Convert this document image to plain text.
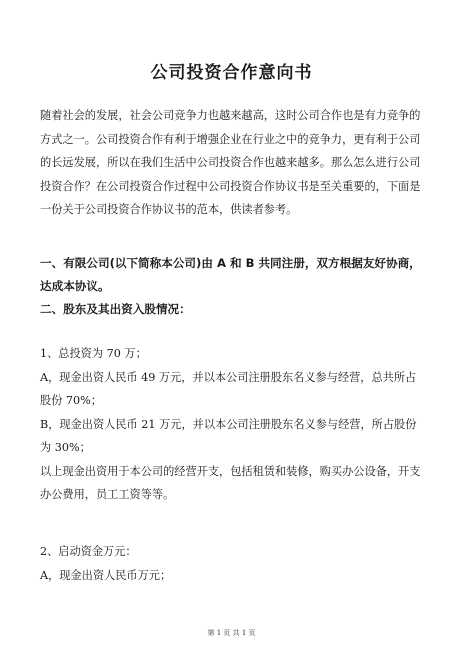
公司投资合作意向书
随着社会的发展，社会公司竞争力也越来越高，这时公司合作也是有力竞争的方式之一。公司投资合作有利于增强企业在行业之中的竞争力，更有利于公司的长远发展，所以在我们生活中公司投资合作也越来越多。那么怎么进行公司投资合作？在公司投资合作过程中公司投资合作协议书是至关重要的，下面是一份关于公司投资合作协议书的范本，供读者参考。
一、有限公司(以下简称本公司)由 A 和 B 共同注册，双方根据友好协商，达成本协议。
二、股东及其出资入股情况：
1、总投资为 70 万；
A，现金出资人民币 49 万元，并以本公司注册股东名义参与经营，总共所占股份 70%；
B，现金出资人民币 21 万元，并以本公司注册股东名义参与经营，所占股份为 30%；
以上现金出资用于本公司的经营开支，包括租赁和装修，购买办公设备，开支办公费用，员工工资等等。
2、启动资金万元：
A，现金出资人民币万元；
第 1 页 共 1 页
